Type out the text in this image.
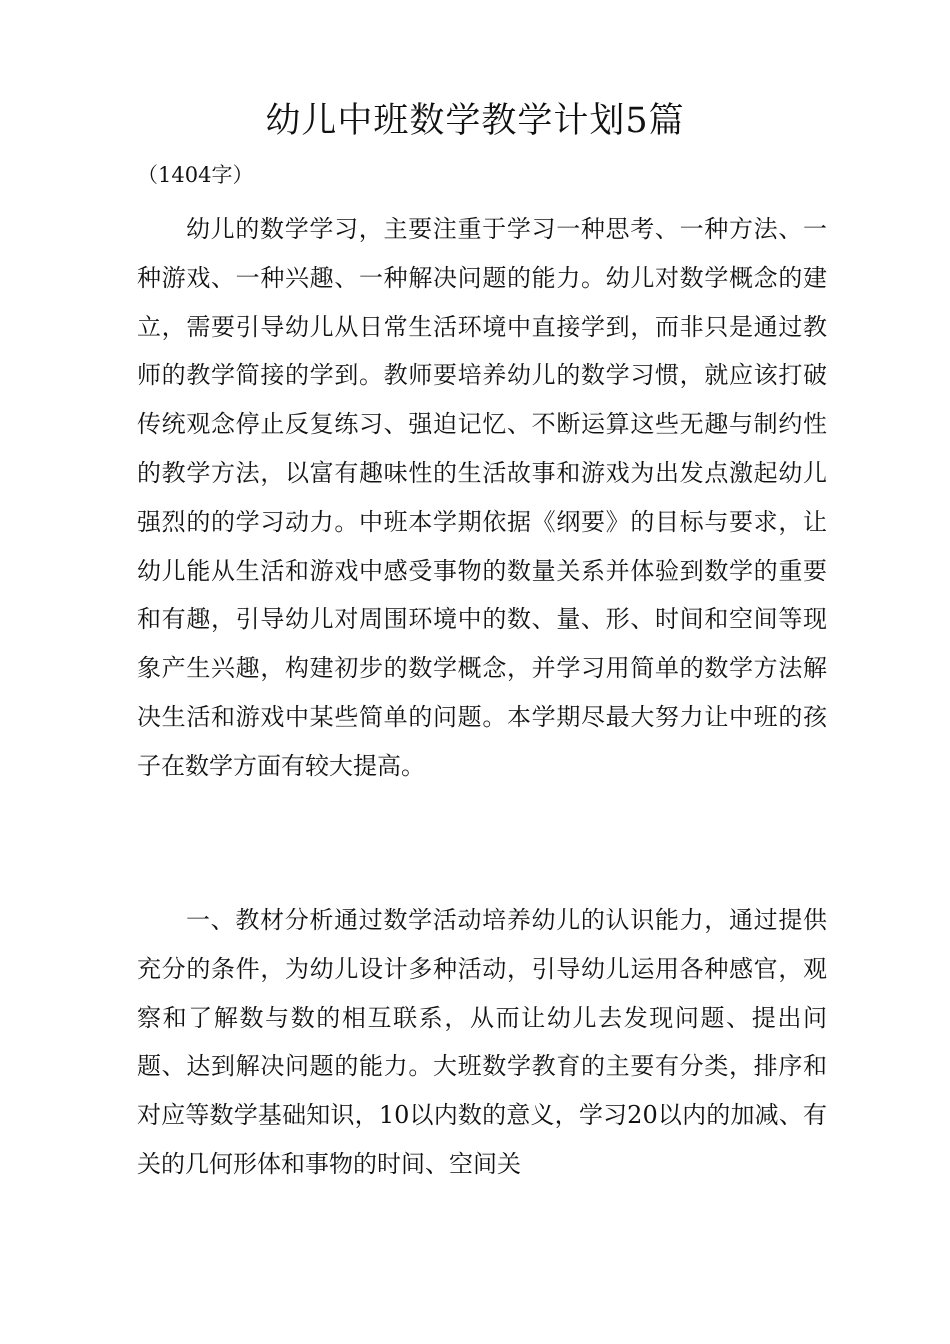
幼儿中班数学教学计划5篇

（1404字）

幼儿的数学学习，主要注重于学习一种思考、一种方法、一种游戏、一种兴趣、一种解决问题的能力。幼儿对数学概念的建立，需要引导幼儿从日常生活环境中直接学到，而非只是通过教师的教学简接的学到。教师要培养幼儿的数学习惯，就应该打破传统观念停止反复练习、强迫记忆、不断运算这些无趣与制约性的教学方法，以富有趣味性的生活故事和游戏为出发点激起幼儿强烈的的学习动力。中班本学期依据《纲要》的目标与要求，让幼儿能从生活和游戏中感受事物的数量关系并体验到数学的重要和有趣，引导幼儿对周围环境中的数、量、形、时间和空间等现象产生兴趣，构建初步的数学概念，并学习用简单的数学方法解决生活和游戏中某些简单的问题。本学期尽最大努力让中班的孩子在数学方面有较大提高。

一、教材分析通过数学活动培养幼儿的认识能力，通过提供充分的条件，为幼儿设计多种活动，引导幼儿运用各种感官，观察和了解数与数的相互联系，从而让幼儿去发现问题、提出问题、达到解决问题的能力。大班数学教育的主要有分类，排序和对应等数学基础知识，10以内数的意义，学习20以内的加减、有关的几何形体和事物的时间、空间关
